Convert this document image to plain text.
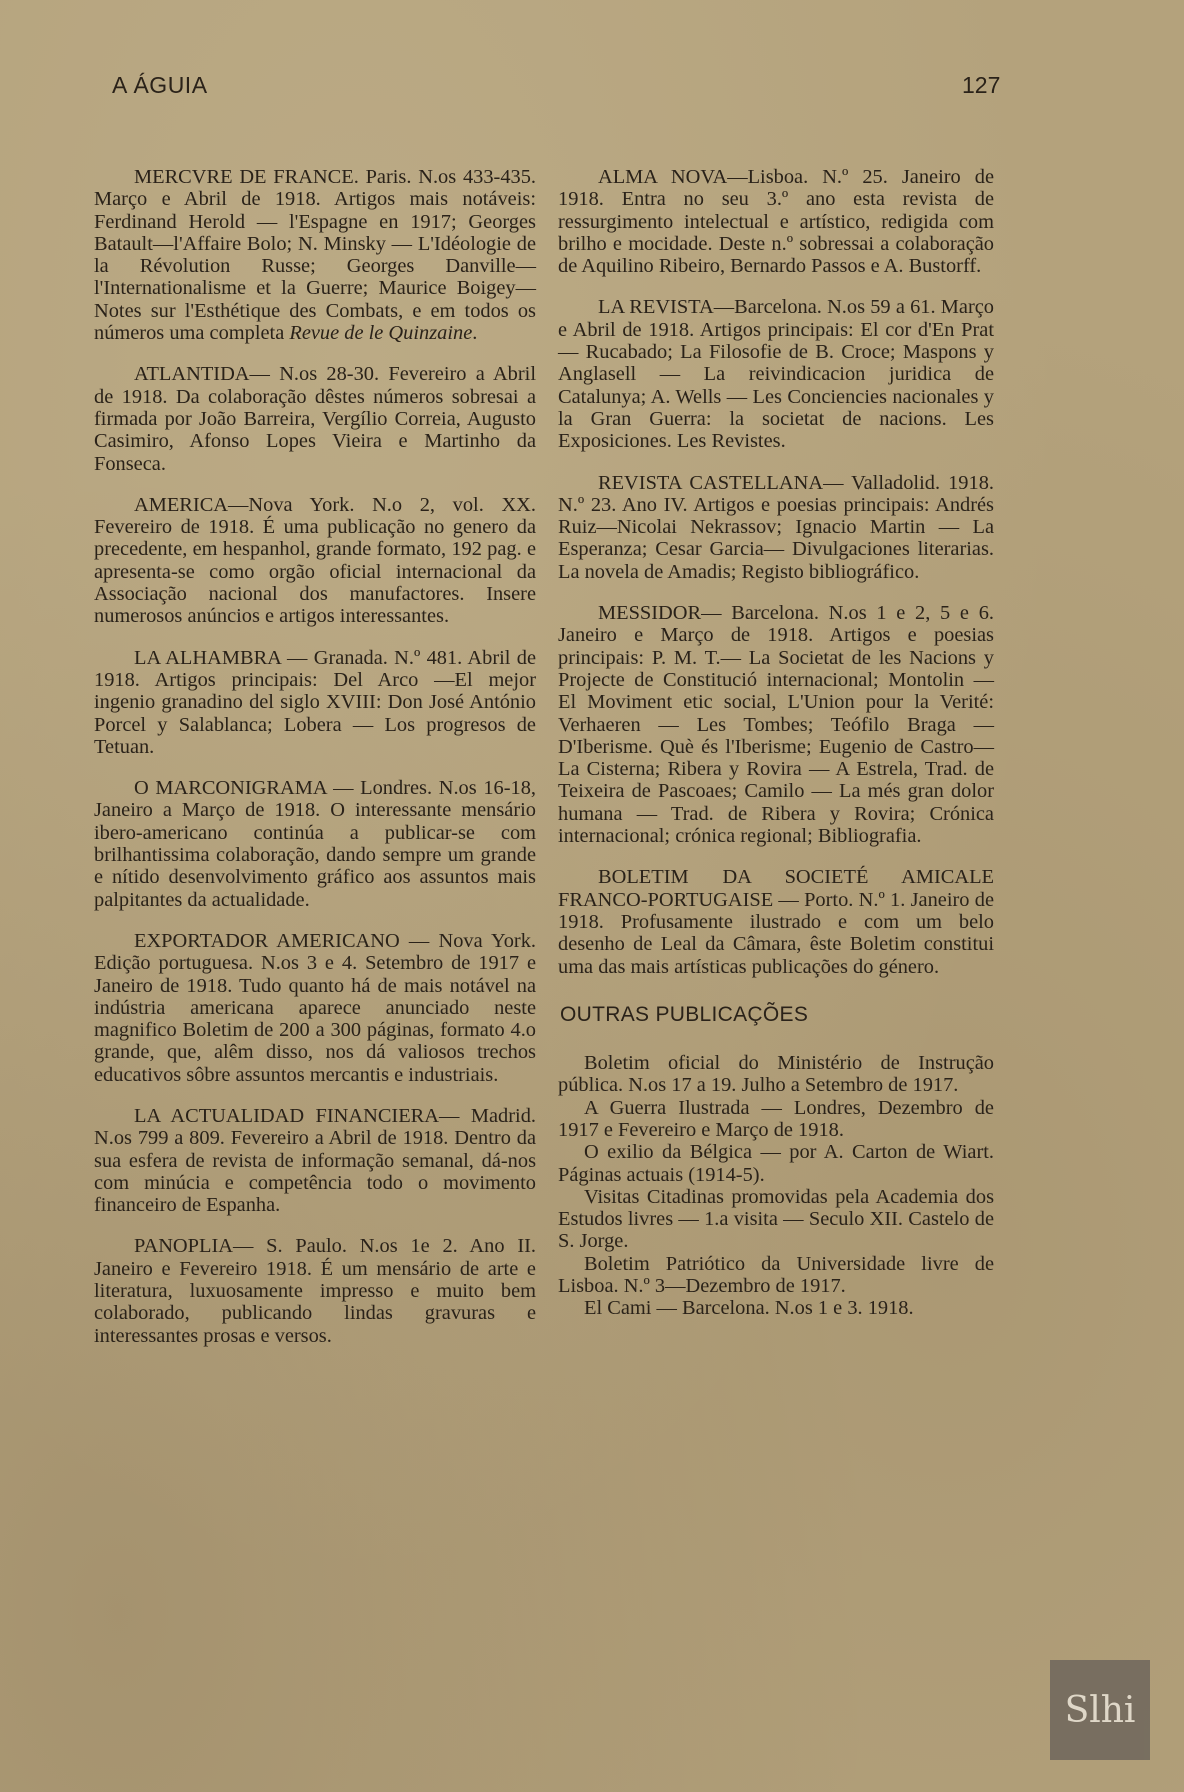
A ÁGUIA	127

MERCVRE DE FRANCE. Paris. N.os 433-435. Março e Abril de 1918. Artigos mais notáveis: Ferdinand Herold — l'Espagne en 1917; Georges Batault—l'Affaire Bolo; N. Minsky — L'Idéologie de la Révolution Russe; Georges Danville—l'Internationalisme et la Guerre; Maurice Boigey—Notes sur l'Esthétique des Combats, e em todos os números uma completa Revue de le Quinzaine.

ATLANTIDA— N.os 28-30. Fevereiro a Abril de 1918. Da colaboração dêstes números sobresai a firmada por João Barreira, Vergílio Correia, Augusto Casimiro, Afonso Lopes Vieira e Martinho da Fonseca.

AMERICA—Nova York. N.o 2, vol. XX. Fevereiro de 1918. É uma publicação no genero da precedente, em hespanhol, grande formato, 192 pag. e apresenta-se como orgão oficial internacional da Associação nacional dos manufactores. Insere numerosos anúncios e artigos interessantes.

LA ALHAMBRA — Granada. N.º 481. Abril de 1918. Artigos principais: Del Arco —El mejor ingenio granadino del siglo XVIII: Don José António Porcel y Salablanca; Lobera — Los progresos de Tetuan.

O MARCONIGRAMA — Londres. N.os 16-18, Janeiro a Março de 1918. O interessante mensário ibero-americano continúa a publicar-se com brilhantissima colaboração, dando sempre um grande e nítido desenvolvimento gráfico aos assuntos mais palpitantes da actualidade.

EXPORTADOR AMERICANO — Nova York. Edição portuguesa. N.os 3 e 4. Setembro de 1917 e Janeiro de 1918. Tudo quanto há de mais notável na indústria americana aparece anunciado neste magnifico Boletim de 200 a 300 páginas, formato 4.o grande, que, alêm disso, nos dá valiosos trechos educativos sôbre assuntos mercantis e industriais.

LA ACTUALIDAD FINANCIERA— Madrid. N.os 799 a 809. Fevereiro a Abril de 1918. Dentro da sua esfera de revista de informação semanal, dá-nos com minúcia e competência todo o movimento financeiro de Espanha.

PANOPLIA— S. Paulo. N.os 1e 2. Ano II. Janeiro e Fevereiro 1918. É um mensário de arte e literatura, luxuosamente impresso e muito bem colaborado, publicando lindas gravuras e interessantes prosas e versos.

ALMA NOVA—Lisboa. N.º 25. Janeiro de 1918. Entra no seu 3.º ano esta revista de ressurgimento intelectual e artístico, redigida com brilho e mocidade. Deste n.º sobressai a colaboração de Aquilino Ribeiro, Bernardo Passos e A. Bustorff.

LA REVISTA—Barcelona. N.os 59 a 61. Março e Abril de 1918. Artigos principais: El cor d'En Prat — Rucabado; La Filosofie de B. Croce; Maspons y Anglasell — La reivindicacion juridica de Catalunya; A. Wells — Les Conciencies nacionales y la Gran Guerra: la societat de nacions. Les Exposiciones. Les Revistes.

REVISTA CASTELLANA— Valladolid. 1918. N.º 23. Ano IV. Artigos e poesias principais: Andrés Ruiz—Nicolai Nekrassov; Ignacio Martin — La Esperanza; Cesar Garcia— Divulgaciones literarias. La novela de Amadis; Registo bibliográfico.

MESSIDOR— Barcelona. N.os 1 e 2, 5 e 6. Janeiro e Março de 1918. Artigos e poesias principais: P. M. T.— La Societat de les Nacions y Projecte de Constitució internacional; Montolin — El Moviment etic social, L'Union pour la Verité: Verhaeren — Les Tombes; Teófilo Braga —D'Iberisme. Què és l'Iberisme; Eugenio de Castro—La Cisterna; Ribera y Rovira — A Estrela, Trad. de Teixeira de Pascoaes; Camilo — La més gran dolor humana — Trad. de Ribera y Rovira; Crónica internacional; crónica regional; Bibliografia.

BOLETIM DA SOCIETÉ AMICALE FRANCO-PORTUGAISE — Porto. N.º 1. Janeiro de 1918. Profusamente ilustrado e com um belo desenho de Leal da Câmara, êste Boletim constitui uma das mais artísticas publicações do género.

OUTRAS PUBLICAÇÕES

Boletim oficial do Ministério de Instrução pública. N.os 17 a 19. Julho a Setembro de 1917.

A Guerra Ilustrada — Londres, Dezembro de 1917 e Fevereiro e Março de 1918.

O exilio da Bélgica — por A. Carton de Wiart. Páginas actuais (1914-5).

Visitas Citadinas promovidas pela Academia dos Estudos livres — 1.a visita — Seculo XII. Castelo de S. Jorge.

Boletim Patriótico da Universidade livre de Lisboa. N.º 3—Dezembro de 1917.

El Cami — Barcelona. N.os 1 e 3. 1918.

Slhi
